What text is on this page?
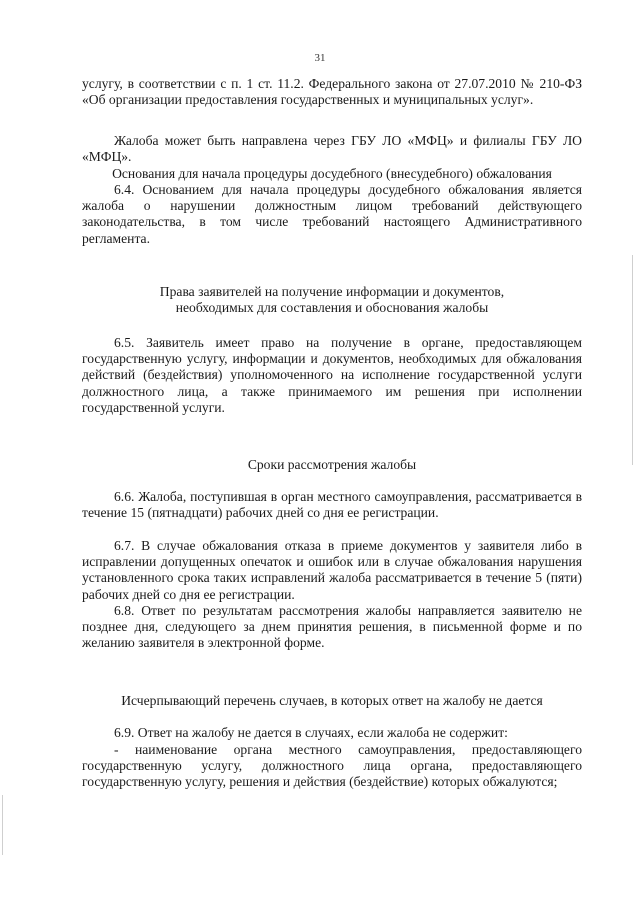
31

услугу, в соответствии с п. 1 ст. 11.2. Федерального закона от 27.07.2010 № 210-ФЗ «Об организации предоставления государственных и муниципальных услуг».

Жалоба может быть направлена через ГБУ ЛО «МФЦ» и филиалы ГБУ ЛО «МФЦ».

Основания для начала процедуры досудебного (внесудебного) обжалования

6.4. Основанием для начала процедуры досудебного обжалования является жалоба о нарушении должностным лицом требований действующего законодательства, в том числе требований настоящего Административного регламента.

Права заявителей на получение информации и документов,

необходимых для составления и обоснования жалобы

6.5. Заявитель имеет право на получение в органе, предоставляющем государственную услугу, информации и документов, необходимых для обжалования действий (бездействия) уполномоченного на исполнение государственной услуги должностного лица, а также принимаемого им решения при исполнении государственной услуги.

Сроки рассмотрения жалобы

6.6. Жалоба, поступившая в орган местного самоуправления, рассматривается в течение 15 (пятнадцати) рабочих дней со дня ее регистрации.

6.7. В случае обжалования отказа в приеме документов у заявителя либо в исправлении допущенных опечаток и ошибок или в случае обжалования нарушения установленного срока таких исправлений жалоба рассматривается в течение 5 (пяти) рабочих дней со дня ее регистрации.

6.8. Ответ по результатам рассмотрения жалобы направляется заявителю не позднее дня, следующего за днем принятия решения, в письменной форме и по желанию заявителя в электронной форме.

Исчерпывающий перечень случаев, в которых ответ на жалобу не дается

6.9. Ответ на жалобу не дается в случаях, если жалоба не содержит:

- наименование органа местного самоуправления, предоставляющего государственную услугу, должностного лица органа, предоставляющего государственную услугу, решения и действия (бездействие) которых обжалуются;
